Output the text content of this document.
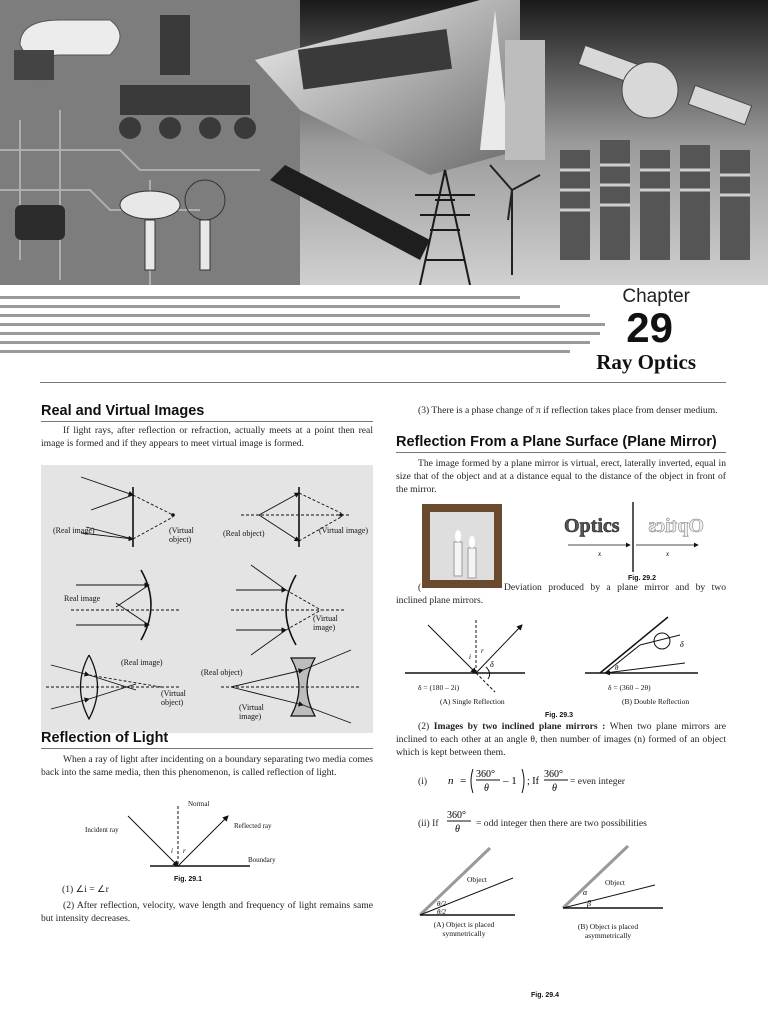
Chapter
29
Ray Optics
Real and Virtual Images

If light rays, after reflection or refraction, actually meets at a point then real image is formed and if they appears to meet virtual image is formed.

(Real image)	(Virtual object)
(Real object)	(Virtual image)
Real image
(Virtual image)
(Real image)
(Virtual object)
(Real object)
(Virtual image)
Reflection of Light

When a ray of light after incidenting on a boundary separating two media comes back into the same media, then this phenomenon, is called reflection of light.

i r
Normal
Incident ray	Reflected ray
Boundary
Fig. 29.1

(1) ∠i = ∠r

(2) After reflection, velocity, wave length and frequency of light remains same but intensity decreases.

(3) There is a phase change of π if reflection takes place from denser medium.

Reflection From a Plane Surface (Plane Mirror)

The image formed by a plane mirror is virtual, erect, laterally inverted, equal in size that of the object and at a distance equal to the distance of the object in front of the mirror.

x	x
Optics Optics
Fig. 29.2
(	Deviation produced by a plane mirror and by two inclined plane mirrors.

i
r
δ	θ
δ
δ = (180 – 2i)
(A) Single Reflection
δ = (360 – 2θ)
(B) Double Reflection
Fig. 29.3

(2) Images by two inclined plane mirrors : When two plane mirrors are inclined to each other at an angle θ, then number of images (n) formed of an object which is kept between them.

(i) n =
360°
θ
– 1 ; If
360°
θ
= even integer
(ii) If
360°
θ
= odd integer then there are two possibilities
θ/2
θ/2
α
β
Object	Object
(A) Object is placed symmetrically
(B) Object is placed asymmetrically
Fig. 29.4
